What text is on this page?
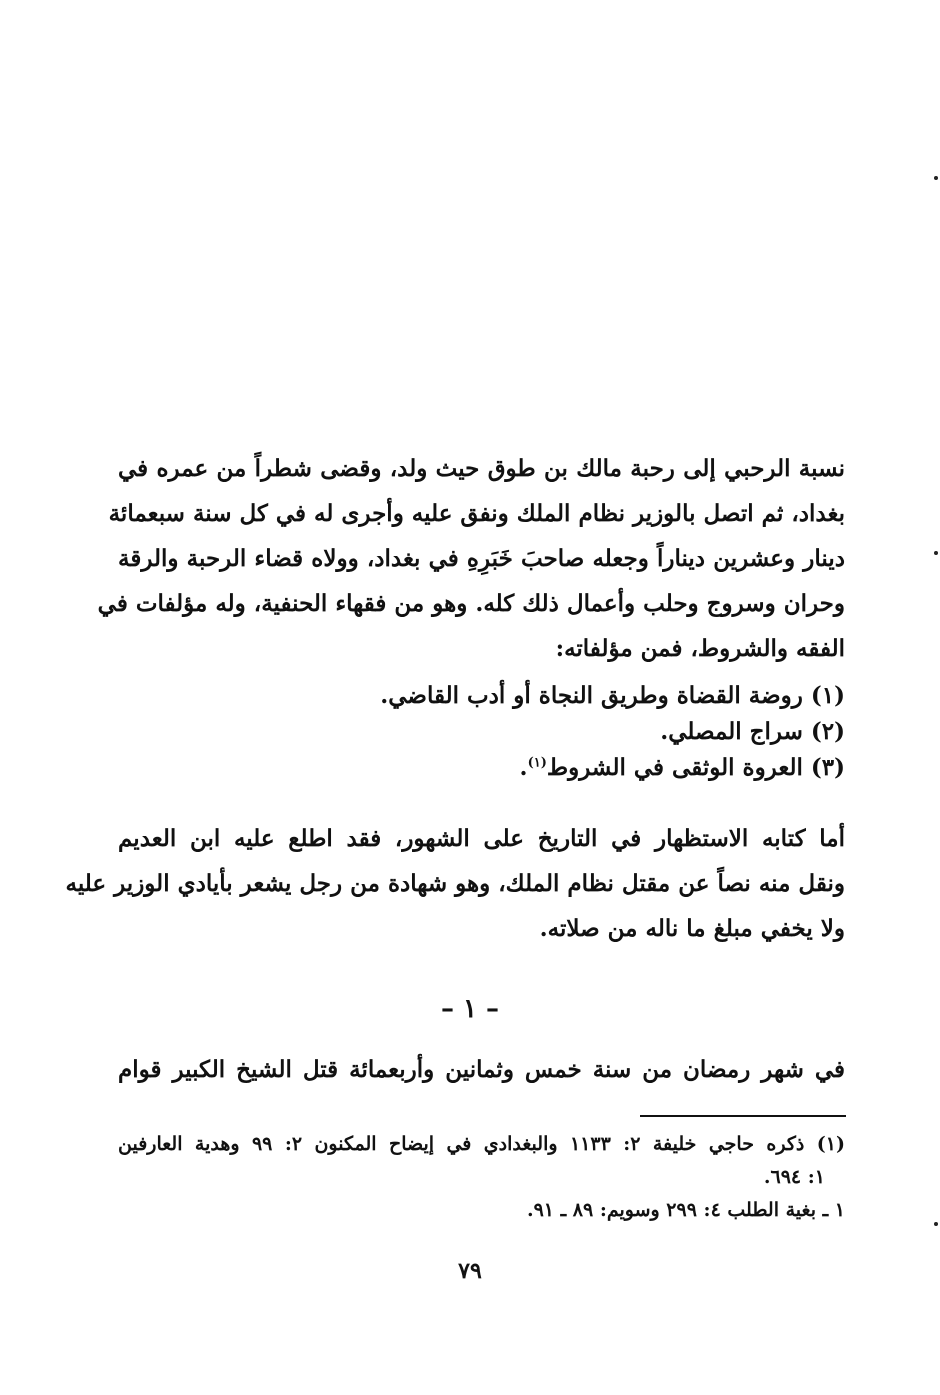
نسبة الرحبي إلى رحبة مالك بن طوق حيث ولد، وقضى شطراً من عمره في
بغداد، ثم اتصل بالوزير نظام الملك ونفق عليه وأجرى له في كل سنة سبعمائة
دينار وعشرين ديناراً وجعله صاحبَ خَبَرِهِ في بغداد، وولاه قضاء الرحبة والرقة
وحران وسروج وحلب وأعمال ذلك كله. وهو من فقهاء الحنفية، وله مؤلفات في
الفقه والشروط، فمن مؤلفاته:
(١) روضة القضاة وطريق النجاة أو أدب القاضي.
(٢) سراج المصلي.
(٣) العروة الوثقى في الشروط$^{(١)}$.
أما كتابه الاستظهار في التاريخ على الشهور، فقد اطلع عليه ابن العديم
ونقل منه نصاً عن مقتل نظام الملك، وهو شهادة من رجل يشعر بأيادي الوزير عليه
ولا يخفي مبلغ ما ناله من صلاته.
– ١ –
في شهر رمضان من سنة خمس وثمانين وأربعمائة قتل الشيخ الكبير قوام
(١) ذكره حاجي خليفة ٢: ١١٣٣ والبغدادي في إيضاح المكنون ٢: ٩٩ وهدية العارفين
١: ٦٩٤.
١ ـ بغية الطلب ٤: ٢٩٩ وسويم: ٨٩ ـ ٩١.
٧٩
